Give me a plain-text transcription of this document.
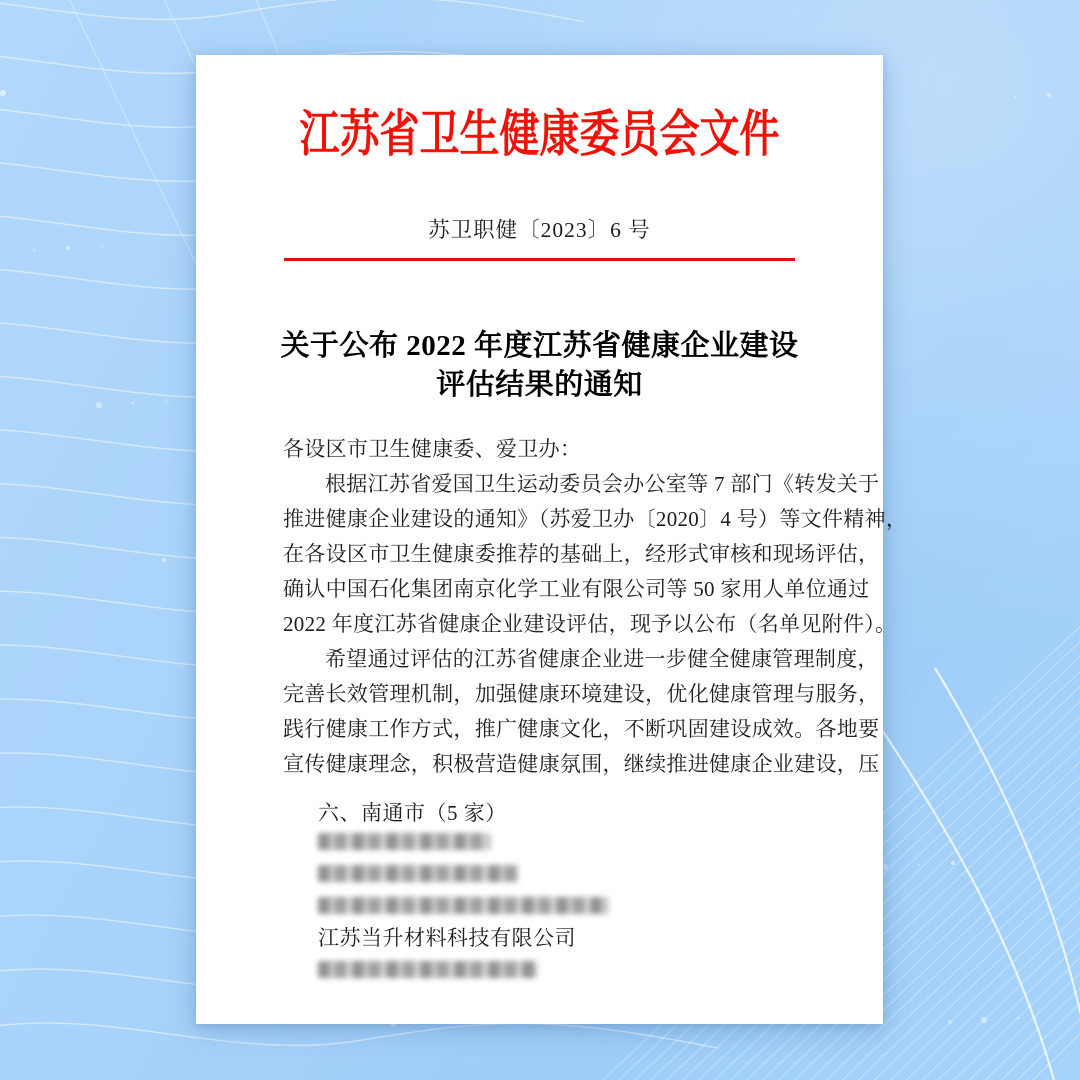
江苏省卫生健康委员会文件
苏卫职健〔2023〕6 号
关于公布 2022 年度江苏省健康企业建设
评估结果的通知
各设区市卫生健康委、爱卫办：
根据江苏省爱国卫生运动委员会办公室等 7 部门《转发关于
推进健康企业建设的通知》（苏爱卫办〔2020〕4 号）等文件精神，
在各设区市卫生健康委推荐的基础上，经形式审核和现场评估，
确认中国石化集团南京化学工业有限公司等 50 家用人单位通过
2022 年度江苏省健康企业建设评估，现予以公布（名单见附件）。
希望通过评估的江苏省健康企业进一步健全健康管理制度，
完善长效管理机制，加强健康环境建设，优化健康管理与服务，
践行健康工作方式，推广健康文化，不断巩固建设成效。各地要
宣传健康理念，积极营造健康氛围，继续推进健康企业建设，压
六、南通市（5 家）
江苏当升材料科技有限公司
